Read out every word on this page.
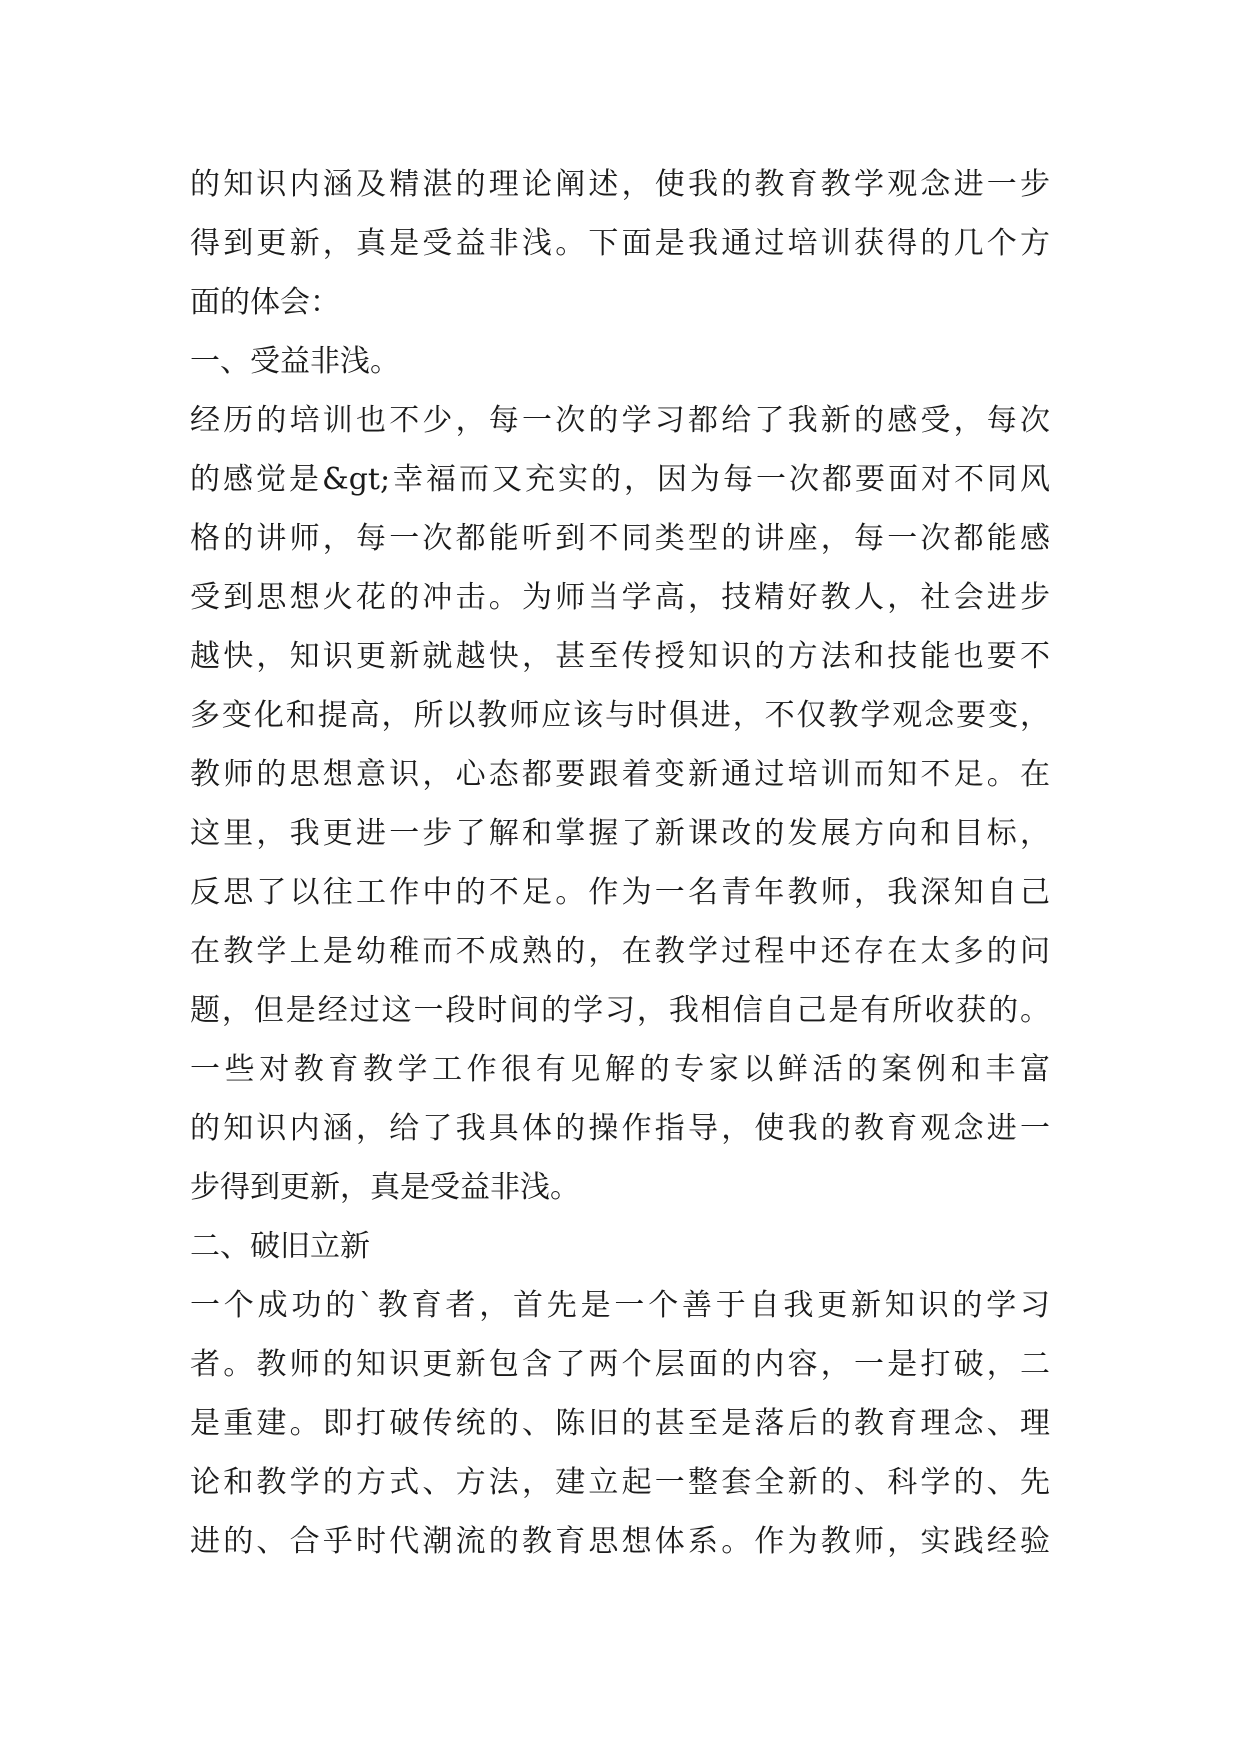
的知识内涵及精湛的理论阐述，使我的教育教学观念进一步
得到更新，真是受益非浅。下面是我通过培训获得的几个方
面的体会：
一、受益非浅。
经历的培训也不少，每一次的学习都给了我新的感受，每次
的感觉是&gt;幸福而又充实的，因为每一次都要面对不同风
格的讲师，每一次都能听到不同类型的讲座，每一次都能感
受到思想火花的冲击。为师当学高，技精好教人，社会进步
越快，知识更新就越快，甚至传授知识的方法和技能也要不
多变化和提高，所以教师应该与时俱进，不仅教学观念要变，
教师的思想意识，心态都要跟着变新通过培训而知不足。在
这里，我更进一步了解和掌握了新课改的发展方向和目标，
反思了以往工作中的不足。作为一名青年教师，我深知自己
在教学上是幼稚而不成熟的，在教学过程中还存在太多的问
题，但是经过这一段时间的学习，我相信自己是有所收获的。
一些对教育教学工作很有见解的专家以鲜活的案例和丰富
的知识内涵，给了我具体的操作指导，使我的教育观念进一
步得到更新，真是受益非浅。
二、破旧立新
一个成功的`教育者，首先是一个善于自我更新知识的学习
者。教师的知识更新包含了两个层面的内容，一是打破，二
是重建。即打破传统的、陈旧的甚至是落后的教育理念、理
论和教学的方式、方法，建立起一整套全新的、科学的、先
进的、合乎时代潮流的教育思想体系。作为教师，实践经验
